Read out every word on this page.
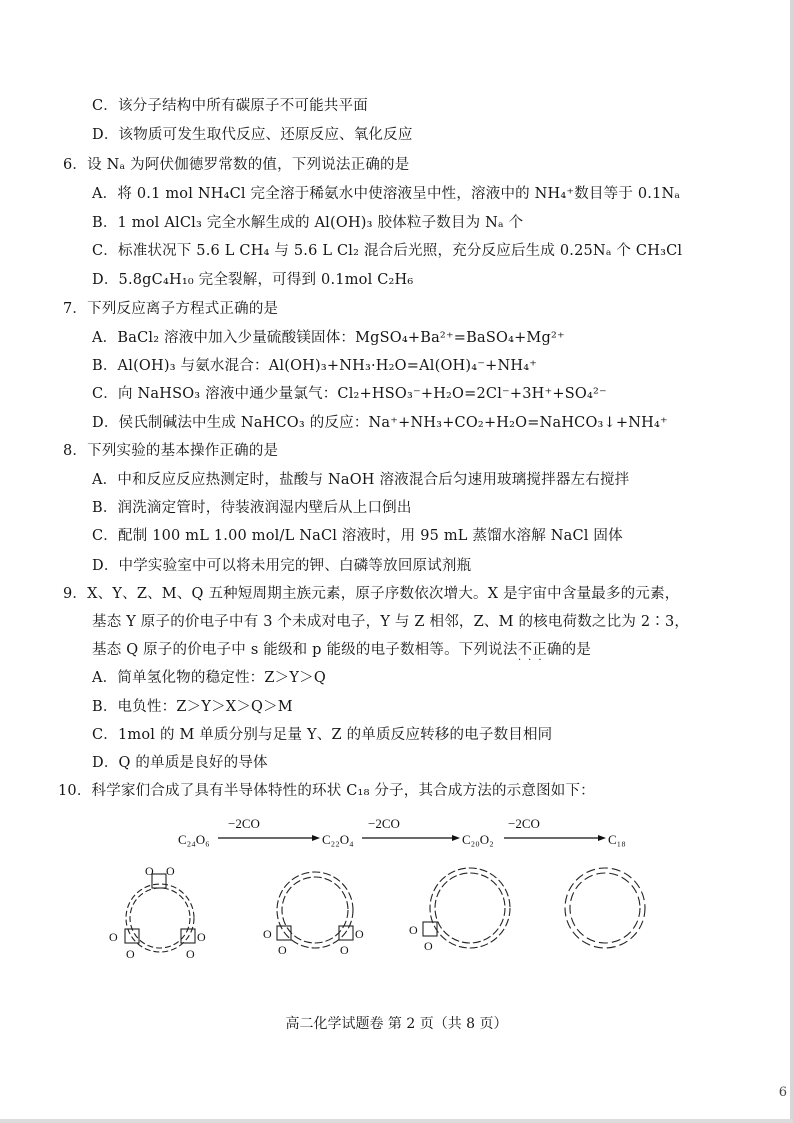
C．该分子结构中所有碳原子不可能共平面
D．该物质可发生取代反应、还原反应、氧化反应
6．设 Nₐ 为阿伏伽德罗常数的值，下列说法正确的是
A．将 0.1 mol NH₄Cl 完全溶于稀氨水中使溶液呈中性，溶液中的 NH₄⁺数目等于 0.1Nₐ
B．1 mol AlCl₃ 完全水解生成的 Al(OH)₃ 胶体粒子数目为 Nₐ 个
C．标准状况下 5.6 L CH₄ 与 5.6 L Cl₂ 混合后光照，充分反应后生成 0.25Nₐ 个 CH₃Cl
D．5.8gC₄H₁₀ 完全裂解，可得到 0.1mol C₂H₆
7．下列反应离子方程式正确的是
A．BaCl₂ 溶液中加入少量硫酸镁固体：MgSO₄+Ba²⁺=BaSO₄+Mg²⁺
B．Al(OH)₃ 与氨水混合：Al(OH)₃+NH₃·H₂O=Al(OH)₄⁻+NH₄⁺
C．向 NaHSO₃ 溶液中通少量氯气：Cl₂+HSO₃⁻+H₂O=2Cl⁻+3H⁺+SO₄²⁻
D．侯氏制碱法中生成 NaHCO₃ 的反应：Na⁺+NH₃+CO₂+H₂O=NaHCO₃↓+NH₄⁺
8．下列实验的基本操作正确的是
A．中和反应反应热测定时，盐酸与 NaOH 溶液混合后匀速用玻璃搅拌器左右搅拌
B．润洗滴定管时，待装液润湿内壁后从上口倒出
C．配制 100 mL 1.00 mol/L NaCl 溶液时，用 95 mL 蒸馏水溶解 NaCl 固体
D．中学实验室中可以将未用完的钾、白磷等放回原试剂瓶
9．X、Y、Z、M、Q 五种短周期主族元素，原子序数依次增大。X 是宇宙中含量最多的元素，
基态 Y 原子的价电子中有 3 个未成对电子，Y 与 Z 相邻，Z、M 的核电荷数之比为 2∶3，
基态 Q 原子的价电子中 s 能级和 p 能级的电子数相等。下列说法不正确的是
···
A．简单氢化物的稳定性：Z＞Y＞Q
B．电负性：Z＞Y＞X＞Q＞M
C．1mol 的 M 单质分别与足量 Y、Z 的单质反应转移的电子数目相同
D．Q 的单质是良好的导体
10．科学家们合成了具有半导体特性的环状 C₁₈ 分子，其合成方法的示意图如下：
C₂₄O₆	C₂₂O₄	C₂₀O₂	C₁₈
−2CO	−2CO	−2CO
O O
O
O
O
O
O
O
O
O
O
O
高二化学试题卷 第 2 页（共 8 页）
6
